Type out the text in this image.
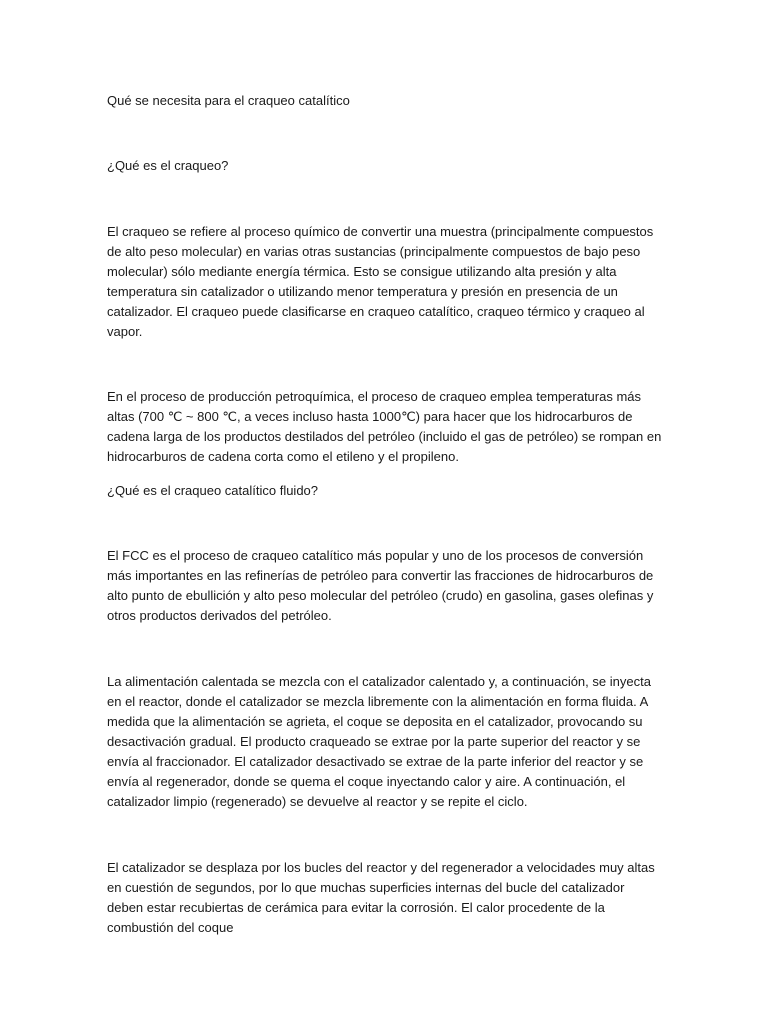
Qué se necesita para el craqueo catalítico

¿Qué es el craqueo?

El craqueo se refiere al proceso químico de convertir una muestra (principalmente compuestos de alto peso molecular) en varias otras sustancias (principalmente compuestos de bajo peso molecular) sólo mediante energía térmica. Esto se consigue utilizando alta presión y alta temperatura sin catalizador o utilizando menor temperatura y presión en presencia de un catalizador. El craqueo puede clasificarse en craqueo catalítico, craqueo térmico y craqueo al vapor.

En el proceso de producción petroquímica, el proceso de craqueo emplea temperaturas más altas (700 ℃ ~ 800 ℃, a veces incluso hasta 1000℃) para hacer que los hidrocarburos de cadena larga de los productos destilados del petróleo (incluido el gas de petróleo) se rompan en hidrocarburos de cadena corta como el etileno y el propileno.

¿Qué es el craqueo catalítico fluido?

El FCC es el proceso de craqueo catalítico más popular y uno de los procesos de conversión más importantes en las refinerías de petróleo para convertir las fracciones de hidrocarburos de alto punto de ebullición y alto peso molecular del petróleo (crudo) en gasolina, gases olefinas y otros productos derivados del petróleo.

La alimentación calentada se mezcla con el catalizador calentado y, a continuación, se inyecta en el reactor, donde el catalizador se mezcla libremente con la alimentación en forma fluida. A medida que la alimentación se agrieta, el coque se deposita en el catalizador, provocando su desactivación gradual. El producto craqueado se extrae por la parte superior del reactor y se envía al fraccionador. El catalizador desactivado se extrae de la parte inferior del reactor y se envía al regenerador, donde se quema el coque inyectando calor y aire. A continuación, el catalizador limpio (regenerado) se devuelve al reactor y se repite el ciclo.

El catalizador se desplaza por los bucles del reactor y del regenerador a velocidades muy altas en cuestión de segundos, por lo que muchas superficies internas del bucle del catalizador deben estar recubiertas de cerámica para evitar la corrosión. El calor procedente de la combustión del coque
